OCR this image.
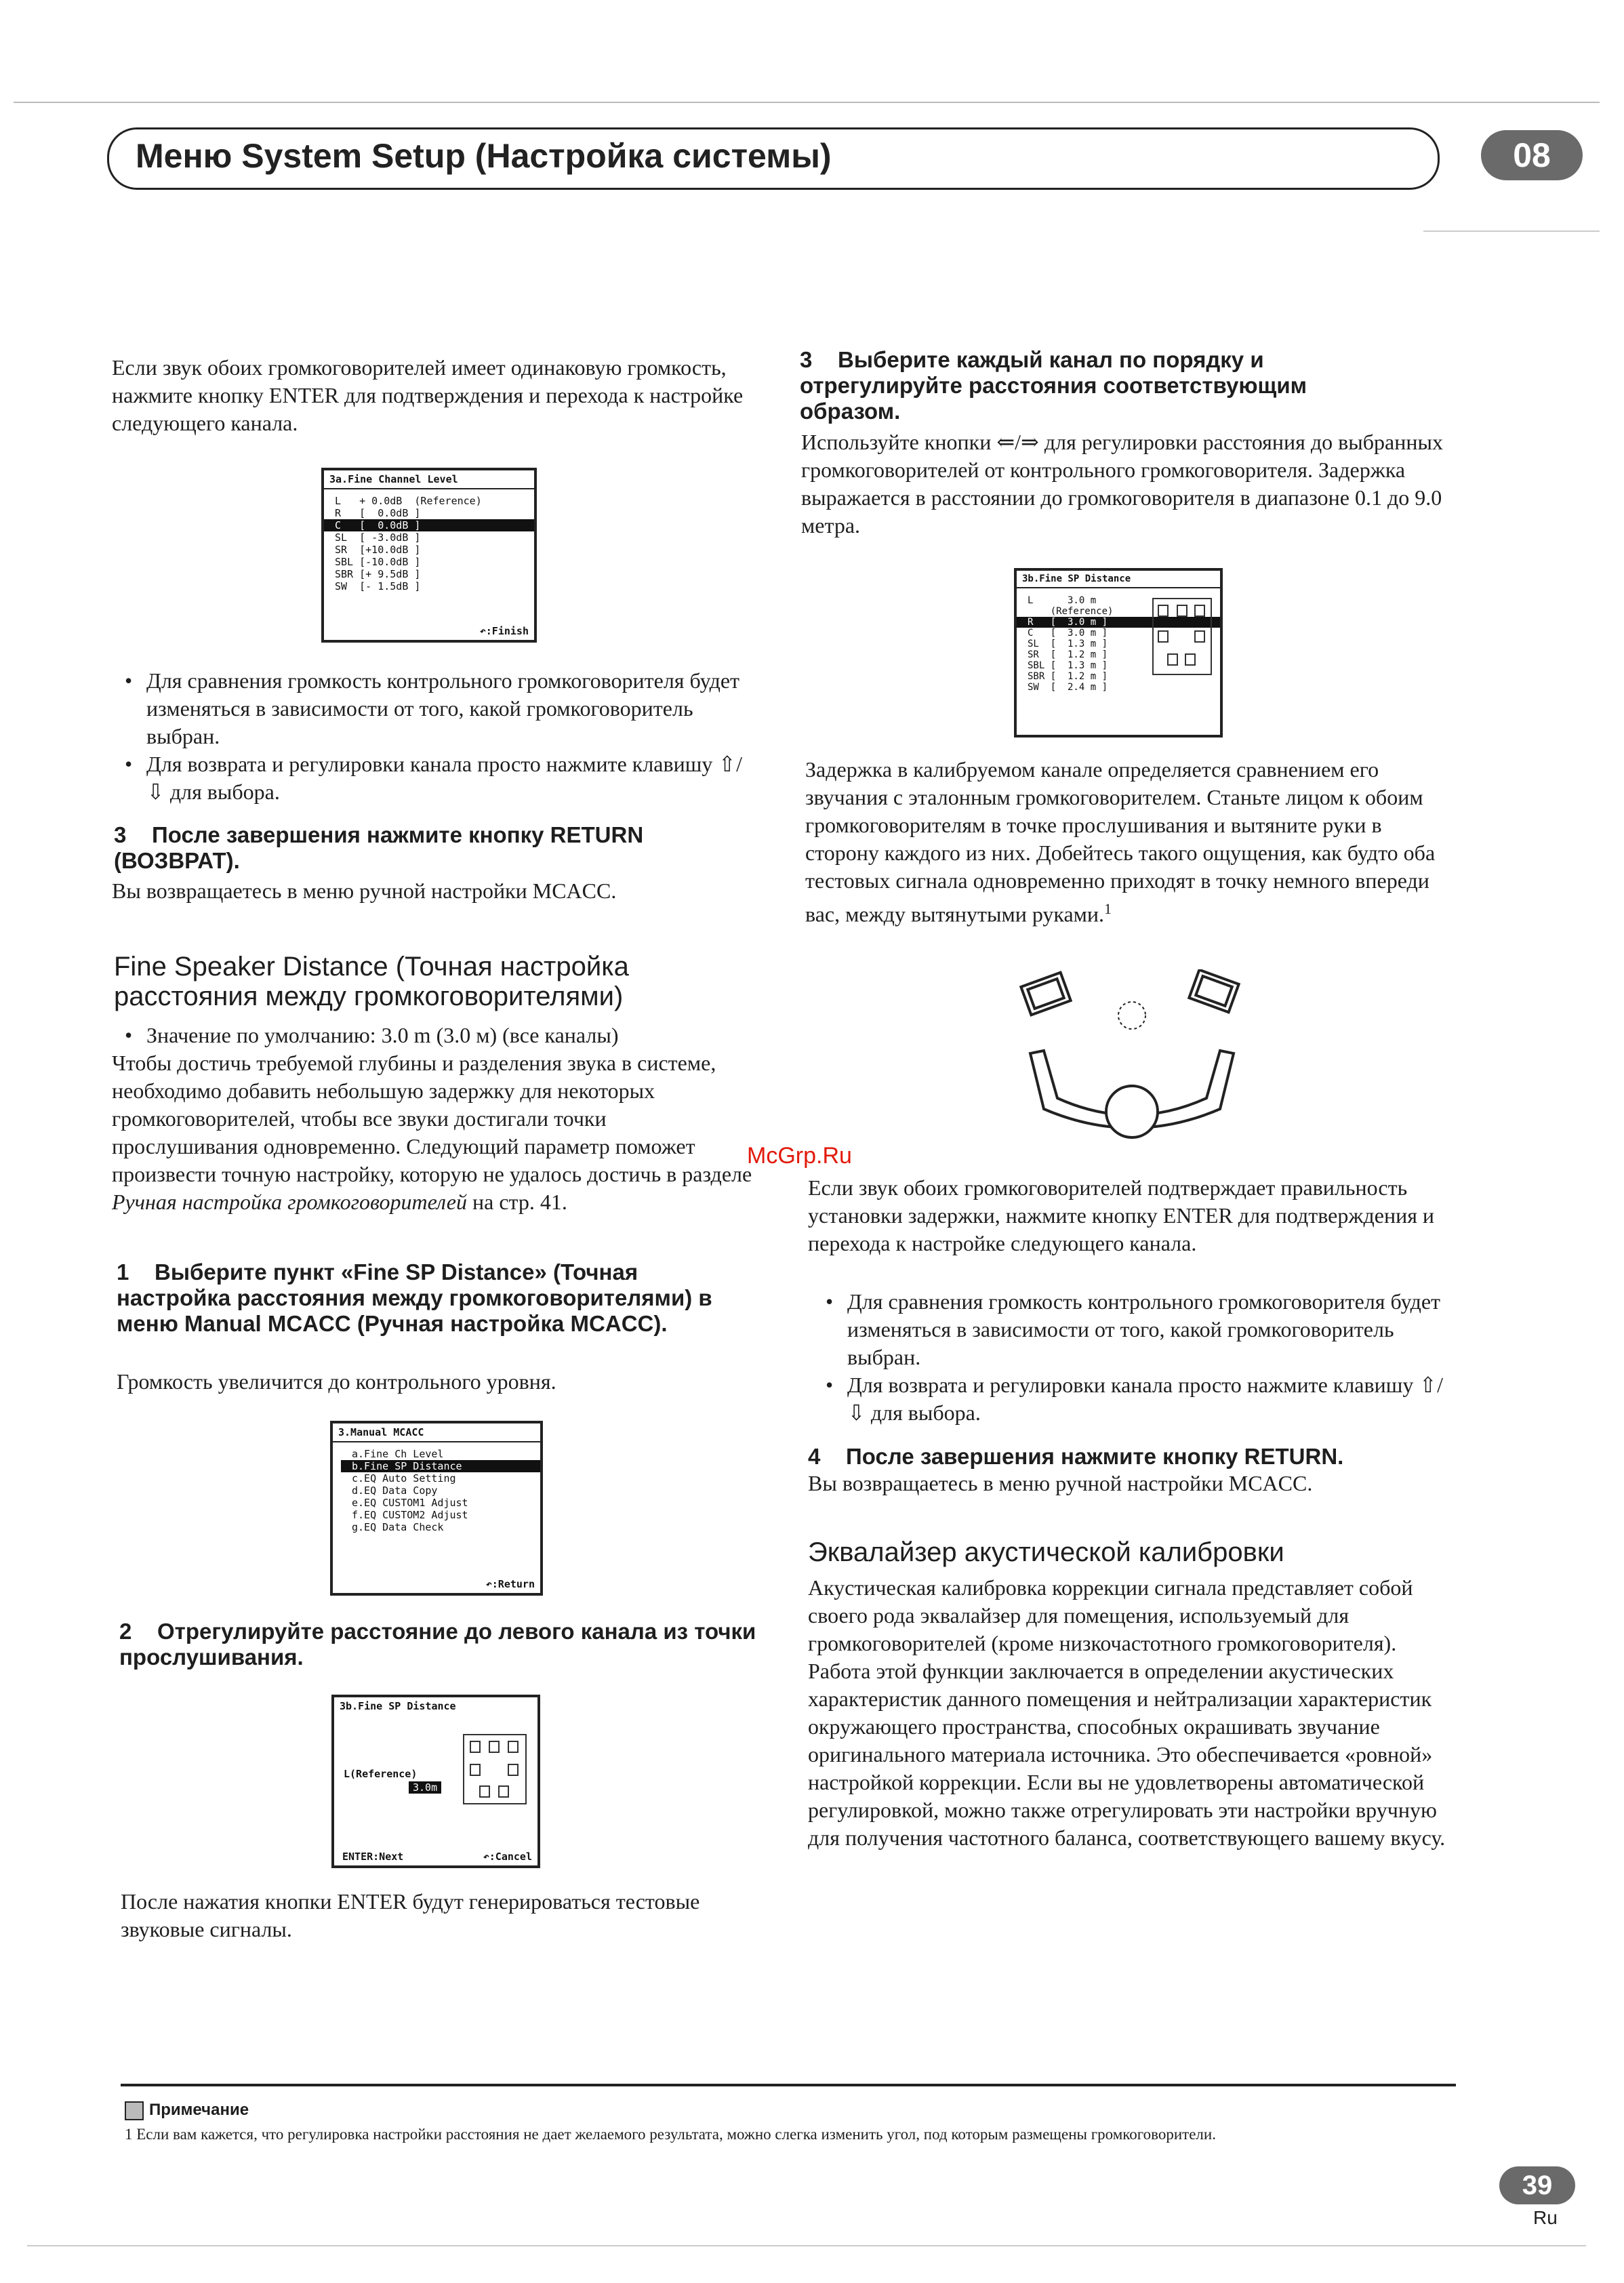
Меню System Setup (Настройка системы)	08
Если звук обоих громкоговорителей имеет одинаковую громкость, нажмите кнопку ENTER для подтверждения и перехода к настройке следующего канала.
3a.Fine Channel Level
L   + 0.0dB  (Reference)
R   [  0.0dB ]
C   [  0.0dB ]
SL  [ -3.0dB ]
SR  [+10.0dB ]
SBL [-10.0dB ]
SBR [+ 9.5dB ]
SW  [- 1.5dB ]
↶:Finish
• Для сравнения громкость контрольного громкоговорителя будет изменяться в зависимости от того, какой громкоговоритель выбран.
• Для возврата и регулировки канала просто нажмите клавишу ⇧/⇩ для выбора.
3 После завершения нажмите кнопку RETURN (ВОЗВРАТ).
Вы возвращаетесь в меню ручной настройки MCACC.
Fine Speaker Distance (Точная настройка расстояния между громкоговорителями)
• Значение по умолчанию: 3.0 m (3.0 м) (все каналы)
Чтобы достичь требуемой глубины и разделения звука в системе, необходимо добавить небольшую задержку для некоторых громкоговорителей, чтобы все звуки достигали точки прослушивания одновременно. Следующий параметр поможет произвести точную настройку, которую не удалось достичь в разделе Ручная настройка громкоговорителей на стр. 41.
1 Выберите пункт «Fine SP Distance» (Точная настройка расстояния между громкоговорителями) в меню Manual MCACC (Ручная настройка MCACC).
Громкость увеличится до контрольного уровня.
3.Manual MCACC
a.Fine Ch Level
b.Fine SP Distance
c.EQ Auto Setting
d.EQ Data Copy
e.EQ CUSTOM1 Adjust
f.EQ CUSTOM2 Adjust
g.EQ Data Check
↶:Return
2 Отрегулируйте расстояние до левого канала из точки прослушивания.
3b.Fine SP Distance
L(Reference)
3.0m
ENTER:Next	↶:Cancel
После нажатия кнопки ENTER будут генерироваться тестовые звуковые сигналы.
3 Выберите каждый канал по порядку и отрегулируйте расстояния соответствующим образом.
Используйте кнопки ⇐/⇒ для регулировки расстояния до выбранных громкоговорителей от контрольного громкоговорителя. Задержка выражается в расстоянии до громкоговорителя в диапазоне 0.1 до 9.0 метра.
3b.Fine SP Distance
L      3.0 m
(Reference)
R   [  3.0 m ]
C   [  3.0 m ]
SL  [  1.3 m ]
SR  [  1.2 m ]
SBL [  1.3 m ]
SBR [  1.2 m ]
SW  [  2.4 m ]
Задержка в калибруемом канале определяется сравнением его звучания с эталонным громкоговорителем. Станьте лицом к обоим громкоговорителям в точке прослушивания и вытяните руки в сторону каждого из них. Добейтесь такого ощущения, как будто оба тестовых сигнала одновременно приходят в точку немного впереди вас, между вытянутыми руками.$^1$
McGrp.Ru
Если звук обоих громкоговорителей подтверждает правильность установки задержки, нажмите кнопку ENTER для подтверждения и перехода к настройке следующего канала.
• Для сравнения громкость контрольного громкоговорителя будет изменяться в зависимости от того, какой громкоговоритель выбран.
• Для возврата и регулировки канала просто нажмите клавишу ⇧/⇩ для выбора.
4 После завершения нажмите кнопку RETURN.
Вы возвращаетесь в меню ручной настройки MCACC.
Эквалайзер акустической калибровки
Акустическая калибровка коррекции сигнала представляет собой своего рода эквалайзер для помещения, используемый для громкоговорителей (кроме низкочастотного громкоговорителя). Работа этой функции заключается в определении акустических характеристик данного помещения и нейтрализации характеристик окружающего пространства, способных окрашивать звучание оригинального материала источника. Это обеспечивается «ровной» настройкой коррекции. Если вы не удовлетворены автоматической регулировкой, можно также отрегулировать эти настройки вручную для получения частотного баланса, соответствующего вашему вкусу.
Примечание
1 Если вам кажется, что регулировка настройки расстояния не дает желаемого результата, можно слегка изменить угол, под которым размещены громкоговорители.
39
Ru
